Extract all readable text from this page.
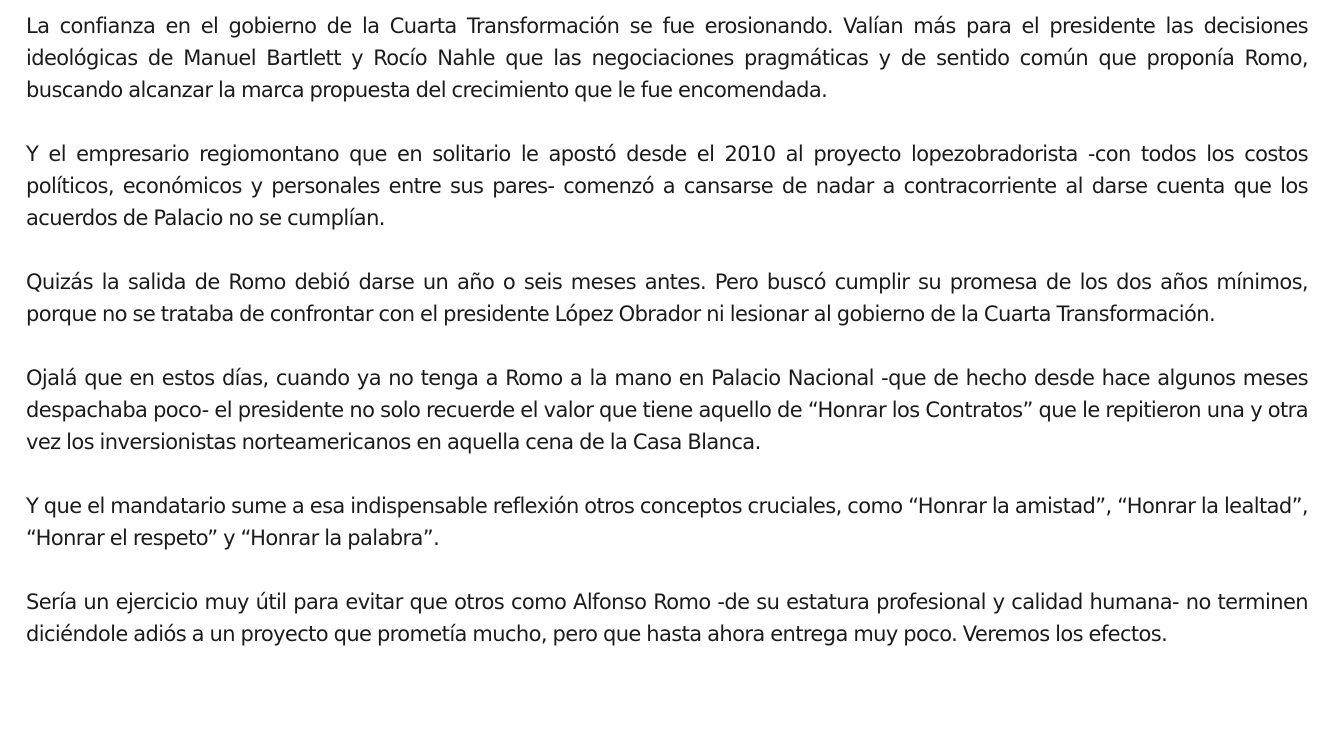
La confianza en el gobierno de la Cuarta Transformación se fue erosionando. Valían más para el presidente las decisiones ideológicas de Manuel Bartlett y Rocío Nahle que las negociaciones pragmáticas y de sentido común que proponía Romo, buscando alcanzar la marca propuesta del crecimiento que le fue encomendada.

Y el empresario regiomontano que en solitario le apostó desde el 2010 al proyecto lopezobradorista -con todos los costos políticos, económicos y personales entre sus pares- comenzó a cansarse de nadar a contracorriente al darse cuenta que los acuerdos de Palacio no se cumplían.

Quizás la salida de Romo debió darse un año o seis meses antes. Pero buscó cumplir su promesa de los dos años mínimos, porque no se trataba de confrontar con el presidente López Obrador ni lesionar al gobierno de la Cuarta Transformación.

Ojalá que en estos días, cuando ya no tenga a Romo a la mano en Palacio Nacional -que de hecho desde hace algunos meses despachaba poco- el presidente no solo recuerde el valor que tiene aquello de “Honrar los Contratos” que le repitieron una y otra vez los inversionistas norteamericanos en aquella cena de la Casa Blanca.

Y que el mandatario sume a esa indispensable reflexión otros conceptos cruciales, como “Honrar la amistad”, “Honrar la lealtad”, “Honrar el respeto” y “Honrar la palabra”.

Sería un ejercicio muy útil para evitar que otros como Alfonso Romo -de su estatura profesional y calidad humana- no terminen diciéndole adiós a un proyecto que prometía mucho, pero que hasta ahora entrega muy poco. Veremos los efectos.
